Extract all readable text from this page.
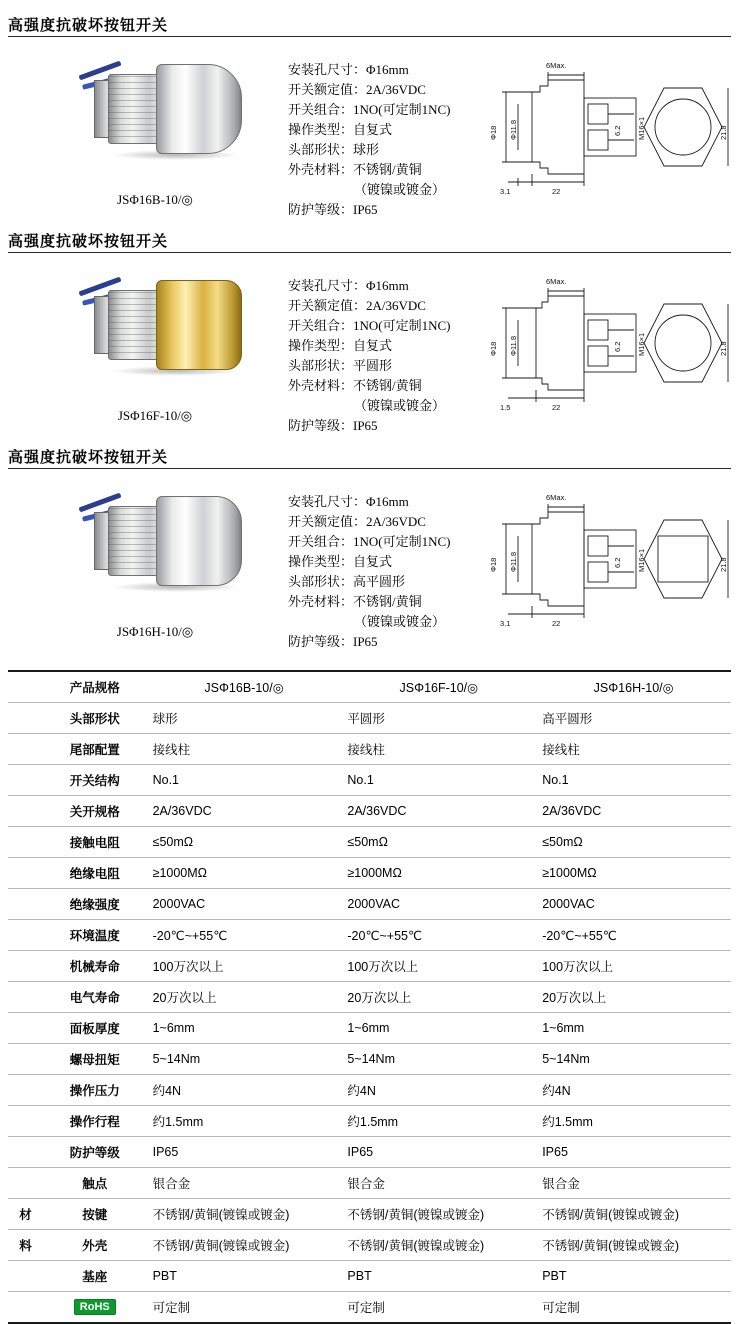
高强度抗破坏按钮开关
JSΦ16B-10/◎
安装孔尺寸：Φ16mm
开关额定值：2A/36VDC
开关组合：1NO(可定制1NC)
操作类型：自复式
头部形状：球形
外壳材料：不锈钢/黄铜
（镀镍或镀金）
防护等级：IP65
6Max.
Φ18 Φ11.8	6.2 M16×1	21.8
3.1	22
高强度抗破坏按钮开关
JSΦ16F-10/◎
安装孔尺寸：Φ16mm
开关额定值：2A/36VDC
开关组合：1NO(可定制1NC)
操作类型：自复式
头部形状：平圆形
外壳材料：不锈钢/黄铜
（镀镍或镀金）
防护等级：IP65
6Max.
Φ18 Φ11.8	6.2 M16×1	21.8
1.5	22
高强度抗破坏按钮开关
JSΦ16H-10/◎
安装孔尺寸：Φ16mm
开关额定值：2A/36VDC
开关组合：1NO(可定制1NC)
操作类型：自复式
头部形状：高平圆形
外壳材料：不锈钢/黄铜
（镀镍或镀金）
防护等级：IP65
6Max.
Φ18 Φ11.8	6.2 M16×1	21.8
3.1	22
	产品规格	JSΦ16B-10/◎	JSΦ16F-10/◎	JSΦ16H-10/◎
	头部形状	球形	平圆形	高平圆形
	尾部配置	接线柱	接线柱	接线柱
	开关结构	No.1	No.1	No.1
	关开规格	2A/36VDC	2A/36VDC	2A/36VDC
	接触电阻	≤50mΩ	≤50mΩ	≤50mΩ
	绝缘电阻	≥1000MΩ	≥1000MΩ	≥1000MΩ
	绝缘强度	2000VAC	2000VAC	2000VAC
	环境温度	-20℃~+55℃	-20℃~+55℃	-20℃~+55℃
	机械寿命	100万次以上	100万次以上	100万次以上
	电气寿命	20万次以上	20万次以上	20万次以上
	面板厚度	1~6mm	1~6mm	1~6mm
	螺母扭矩	5~14Nm	5~14Nm	5~14Nm
	操作压力	约4N	约4N	约4N
	操作行程	约1.5mm	约1.5mm	约1.5mm
	防护等级	IP65	IP65	IP65
	触点	银合金	银合金	银合金
材	按键	不锈钢/黄铜(镀镍或镀金)	不锈钢/黄铜(镀镍或镀金)	不锈钢/黄铜(镀镍或镀金)
料	外壳	不锈钢/黄铜(镀镍或镀金)	不锈钢/黄铜(镀镍或镀金)	不锈钢/黄铜(镀镍或镀金)
	基座	PBT	PBT	PBT
	RoHS	可定制	可定制	可定制
